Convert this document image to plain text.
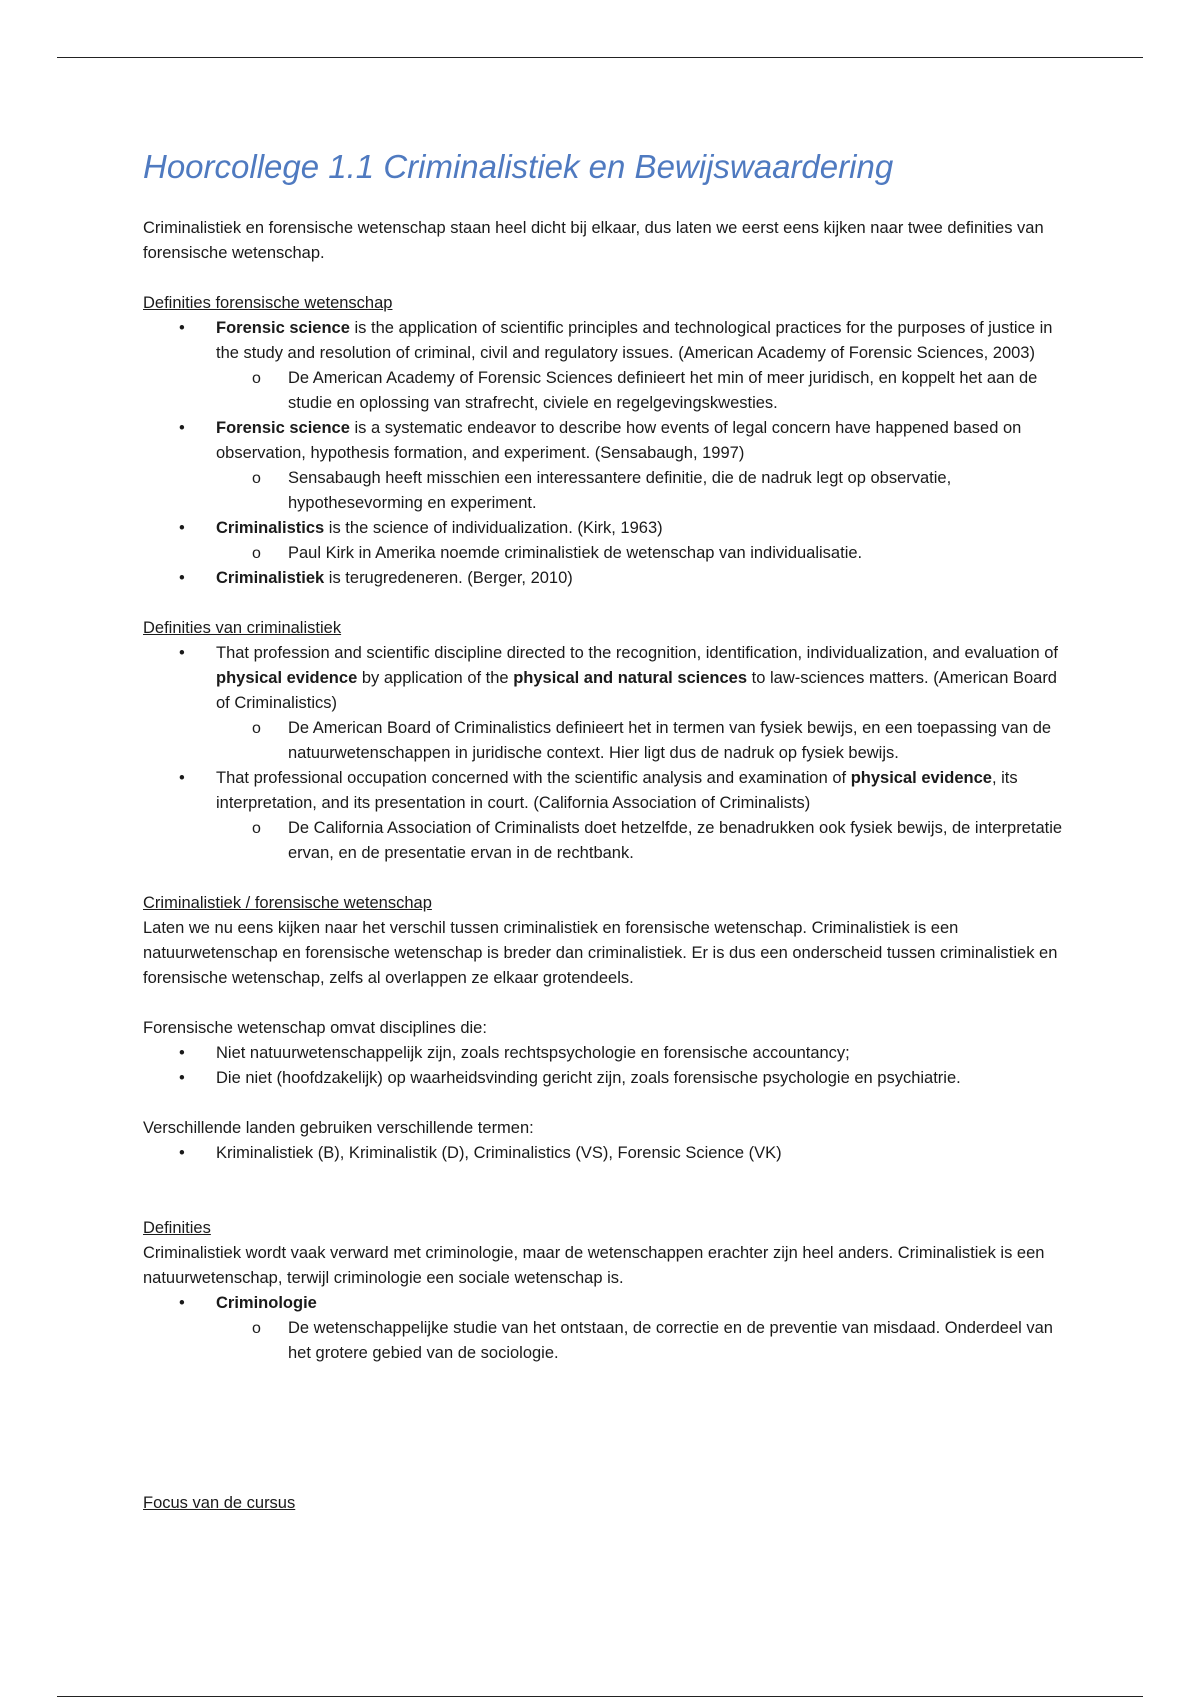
Hoorcollege 1.1 Criminalistiek en Bewijswaardering

Criminalistiek en forensische wetenschap staan heel dicht bij elkaar, dus laten we eerst eens kijken naar twee definities van forensische wetenschap.

Definities forensische wetenschap

• Forensic science is the application of scientific principles and technological practices for the purposes of justice in the study and resolution of criminal, civil and regulatory issues. (American Academy of Forensic Sciences, 2003)
o De American Academy of Forensic Sciences definieert het min of meer juridisch, en koppelt het aan de studie en oplossing van strafrecht, civiele en regelgevingskwesties.
• Forensic science is a systematic endeavor to describe how events of legal concern have happened based on observation, hypothesis formation, and experiment. (Sensabaugh, 1997)
o Sensabaugh heeft misschien een interessantere definitie, die de nadruk legt op observatie, hypothesevorming en experiment.
• Criminalistics is the science of individualization. (Kirk, 1963)
o Paul Kirk in Amerika noemde criminalistiek de wetenschap van individualisatie.
• Criminalistiek is terugredeneren. (Berger, 2010)

Definities van criminalistiek

• That profession and scientific discipline directed to the recognition, identification, individualization, and evaluation of physical evidence by application of the physical and natural sciences to law-sciences matters. (American Board of Criminalistics)
o De American Board of Criminalistics definieert het in termen van fysiek bewijs, en een toepassing van de natuurwetenschappen in juridische context. Hier ligt dus de nadruk op fysiek bewijs.
• That professional occupation concerned with the scientific analysis and examination of physical evidence, its interpretation, and its presentation in court. (California Association of Criminalists)
o De California Association of Criminalists doet hetzelfde, ze benadrukken ook fysiek bewijs, de interpretatie ervan, en de presentatie ervan in de rechtbank.

Criminalistiek / forensische wetenschap

Laten we nu eens kijken naar het verschil tussen criminalistiek en forensische wetenschap. Criminalistiek is een natuurwetenschap en forensische wetenschap is breder dan criminalistiek. Er is dus een onderscheid tussen criminalistiek en forensische wetenschap, zelfs al overlappen ze elkaar grotendeels.

Forensische wetenschap omvat disciplines die:

• Niet natuurwetenschappelijk zijn, zoals rechtspsychologie en forensische accountancy;
• Die niet (hoofdzakelijk) op waarheidsvinding gericht zijn, zoals forensische psychologie en psychiatrie.

Verschillende landen gebruiken verschillende termen:

• Kriminalistiek (B), Kriminalistik (D), Criminalistics (VS), Forensic Science (VK)

Definities

Criminalistiek wordt vaak verward met criminologie, maar de wetenschappen erachter zijn heel anders. Criminalistiek is een natuurwetenschap, terwijl criminologie een sociale wetenschap is.

• Criminologie
o De wetenschappelijke studie van het ontstaan, de correctie en de preventie van misdaad. Onderdeel van het grotere gebied van de sociologie.

Focus van de cursus
